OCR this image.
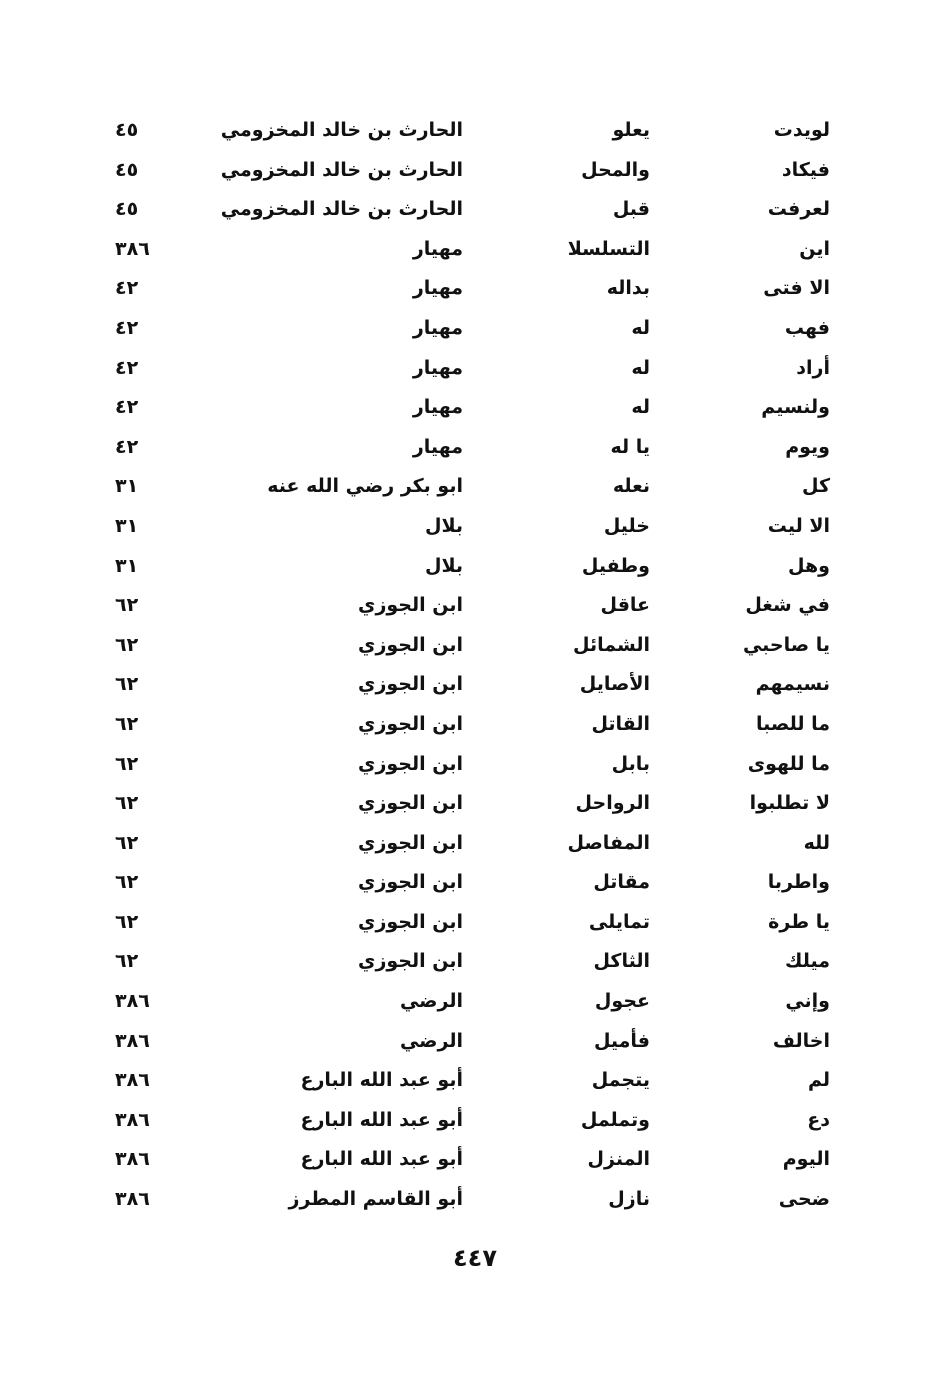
لويدت
يعلو
الحارث بن خالد المخزومي
٤٥
فيكاد
والمحل
الحارث بن خالد المخزومي
٤٥
لعرفت
قبل
الحارث بن خالد المخزومي
٤٥
اين
التسلسلا
مهيار
٣٨٦
الا فتى
بداله
مهيار
٤٢
فهب
له
مهيار
٤٢
أراد
له
مهيار
٤٢
ولنسيم
له
مهيار
٤٢
ويوم
يا له
مهيار
٤٢
كل
نعله
ابو بكر رضي الله عنه
٣١
الا ليت
خليل
بلال
٣١
وهل
وطفيل
بلال
٣١
في شغل
عاقل
ابن الجوزي
٦٢
يا صاحبي
الشمائل
ابن الجوزي
٦٢
نسيمهم
الأصايل
ابن الجوزي
٦٢
ما للصبا
القاتل
ابن الجوزي
٦٢
ما للهوى
بابل
ابن الجوزي
٦٢
لا تطلبوا
الرواحل
ابن الجوزي
٦٢
لله
المفاصل
ابن الجوزي
٦٢
واطربا
مقاتل
ابن الجوزي
٦٢
يا طرة
تمايلى
ابن الجوزي
٦٢
ميلك
الثاكل
ابن الجوزي
٦٢
وإني
عجول
الرضي
٣٨٦
اخالف
فأميل
الرضي
٣٨٦
لم
يتجمل
أبو عبد الله البارع
٣٨٦
دع
وتململ
أبو عبد الله البارع
٣٨٦
اليوم
المنزل
أبو عبد الله البارع
٣٨٦
ضحى
نازل
أبو القاسم المطرز
٣٨٦
٤٤٧
